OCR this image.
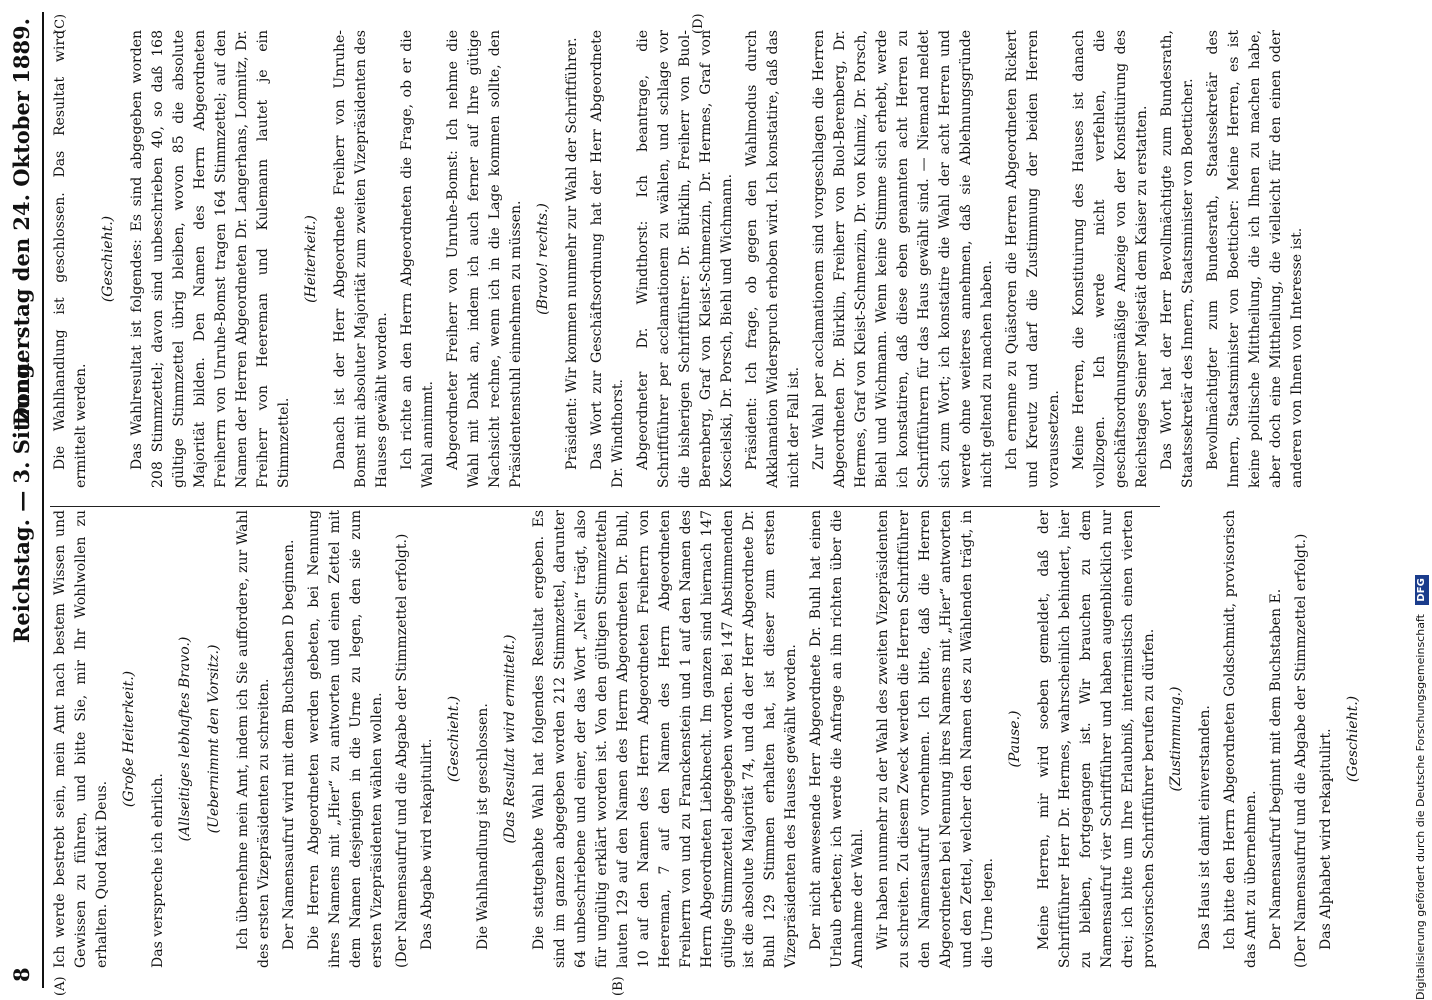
8
Reichstag. — 3. Sitzung.
Donnerstag den 24. Oktober 1889.
(A)	(B)
(C)	(D)

Ich werde bestrebt sein, mein Amt nach bestem Wissen und Gewissen zu führen, und bitte Sie, mir Ihr Wohlwollen zu erhalten. Quod faxit Deus.

(Große Heiterkeit.)

Das verspreche ich ehrlich.

(Allseitiges lebhaftes Bravo.) (Uebernimmt den Vorsitz.) Ich übernehme mein Amt, indem ich Sie auffordere, zur Wahl des ersten Vizepräsidenten zu schreiten. Der Namensaufruf wird mit dem Buchstaben D beginnen. Die Herren Abgeordneten werden gebeten, bei Nennung ihres Namens mit „Hier“ zu antworten und einen Zettel mit dem Namen desjenigen in die Urne zu legen, den sie zum ersten Vizepräsidenten wählen wollen. (Der Namensaufruf und die Abgabe der Stimmzettel erfolgt.) Das Abgabe wird rekapitulirt. (Geschieht.) Die Wahlhandlung ist geschlossen. (Das Resultat wird ermittelt.) Die stattgehabte Wahl hat folgendes Resultat ergeben. Es sind im ganzen abgegeben worden 212 Stimmzettel, darunter 64 unbeschriebene und einer, der das Wort „Nein“ trägt, also für ungültig erklärt worden ist. Von den gültigen Stimmzetteln lauten 129 auf den Namen des Herrn Abgeordneten Dr. Buhl, 10 auf den Namen des Herrn Abgeordneten Freiherrn von Heereman, 7 auf den Namen des Herrn Abgeordneten Freiherrn von und zu Franckenstein und 1 auf den Namen des Herrn Abgeordneten Liebknecht. Im ganzen sind hiernach 147 gültige Stimmzettel abgegeben worden. Bei 147 Abstimmenden ist die absolute Majorität 74, und da der Herr Abgeordnete Dr. Buhl 129 Stimmen erhalten hat, ist dieser zum ersten Vizepräsidenten des Hauses gewählt worden. Der nicht anwesende Herr Abgeordnete Dr. Buhl hat einen Urlaub erbeten; ich werde die Anfrage an ihn richten über die Annahme der Wahl. Wir haben nunmehr zu der Wahl des zweiten Vizepräsidenten zu schreiten. Zu diesem Zweck werden die Herren Schriftführer den Namensaufruf vornehmen. Ich bitte, daß die Herren Abgeordneten bei Nennung ihres Namens mit „Hier“ antworten und den Zettel, welcher den Namen des zu Wählenden trägt, in die Urne legen.

(Pause.) Meine Herren, mir wird soeben gemeldet, daß der Schriftführer Herr Dr. Hermes, wahrscheinlich behindert, hier zu bleiben, fortgegangen ist. Wir brauchen zu dem Namensaufruf vier Schriftführer und haben augenblicklich nur drei; ich bitte um Ihre Erlaubniß, interimistisch einen vierten provisorischen Schriftführer berufen zu dürfen. (Zustimmung.) Das Haus ist damit einverstanden. Ich bitte den Herrn Abgeordneten Goldschmidt, provisorisch das Amt zu übernehmen. Der Namensaufruf beginnt mit dem Buchstaben E. (Der Namensaufruf und die Abgabe der Stimmzettel erfolgt.) Das Alphabet wird rekapitulirt. (Geschieht.)

Die Wahlhandlung ist geschlossen. Das Resultat wird ermittelt werden.

(Geschieht.) Das Wahlresultat ist folgendes: Es sind abgegeben worden 208 Stimmzettel; davon sind unbeschrieben 40, so daß 168 gültige Stimmzettel übrig bleiben, wovon 85 die absolute Majorität bilden. Den Namen des Herrn Abgeordneten Freiherrn von Unruhe-Bomst tragen 164 Stimmzettel; auf den Namen der Herren Abgeordneten Dr. Langerhans, Lomnitz, Dr. Freiherr von Heereman und Kulemann lautet je ein Stimmzettel.

(Heiterkeit.) Danach ist der Herr Abgeordnete Freiherr von Unruhe-Bomst mit absoluter Majorität zum zweiten Vizepräsidenten des Hauses gewählt worden. Ich richte an den Herrn Abgeordneten die Frage, ob er die Wahl annimmt. Abgeordneter Freiherr von Unruhe-Bomst: Ich nehme die Wahl mit Dank an, indem ich auch ferner auf Ihre gütige Nachsicht rechne, wenn ich in die Lage kommen sollte, den Präsidentenstuhl einnehmen zu müssen. (Bravo! rechts.) Präsident: Wir kommen nunmehr zur Wahl der Schriftführer. Das Wort zur Geschäftsordnung hat der Herr Abgeordnete Dr. Windthorst. Abgeordneter Dr. Windthorst: Ich beantrage, die Schriftführer per acclamationem zu wählen, und schlage vor die bisherigen Schriftführer: Dr. Bürklin, Freiherr von Buol-Berenberg, Graf von Kleist-Schmenzin, Dr. Hermes, Graf von Koscielski, Dr. Porsch, Biehl und Wichmann. Präsident: Ich frage, ob gegen den Wahlmodus durch Akklamation Widerspruch erhoben wird. Ich konstatire, daß das nicht der Fall ist. Zur Wahl per acclamationem sind vorgeschlagen die Herren Abgeordneten Dr. Bürklin, Freiherr von Buol-Berenberg, Dr. Hermes, Graf von Kleist-Schmenzin, Dr. von Kulmiz, Dr. Porsch, Biehl und Wichmann. Wenn keine Stimme sich erhebt, werde ich konstatiren, daß diese eben genannten acht Herren zu Schriftführern für das Haus gewählt sind. — Niemand meldet sich zum Wort; ich konstatire die Wahl der acht Herren und werde ohne weiteres annehmen, daß sie Ablehnungsgründe nicht geltend zu machen haben. Ich ernenne zu Quästoren die Herren Abgeordneten Rickert und Kreutz und darf die Zustimmung der beiden Herren voraussetzen. Meine Herren, die Konstituirung des Hauses ist danach vollzogen. Ich werde nicht verfehlen, die geschäftsordnungsmäßige Anzeige von der Konstituirung des Reichstages Seiner Majestät dem Kaiser zu erstatten. Das Wort hat der Herr Bevollmächtigte zum Bundesrath, Staatssekretär des Innern, Staatsminister von Boetticher. Bevollmächtigter zum Bundesrath, Staatssekretär des Innern, Staatsminister von Boetticher: Meine Herren, es ist keine politische Mittheilung, die ich Ihnen zu machen habe, aber doch eine Mittheilung, die vielleicht für den einen oder anderen von Ihnen von Interesse ist.

Digitalisierung gefördert durch die Deutsche Forschungsgemeinschaft DFG
